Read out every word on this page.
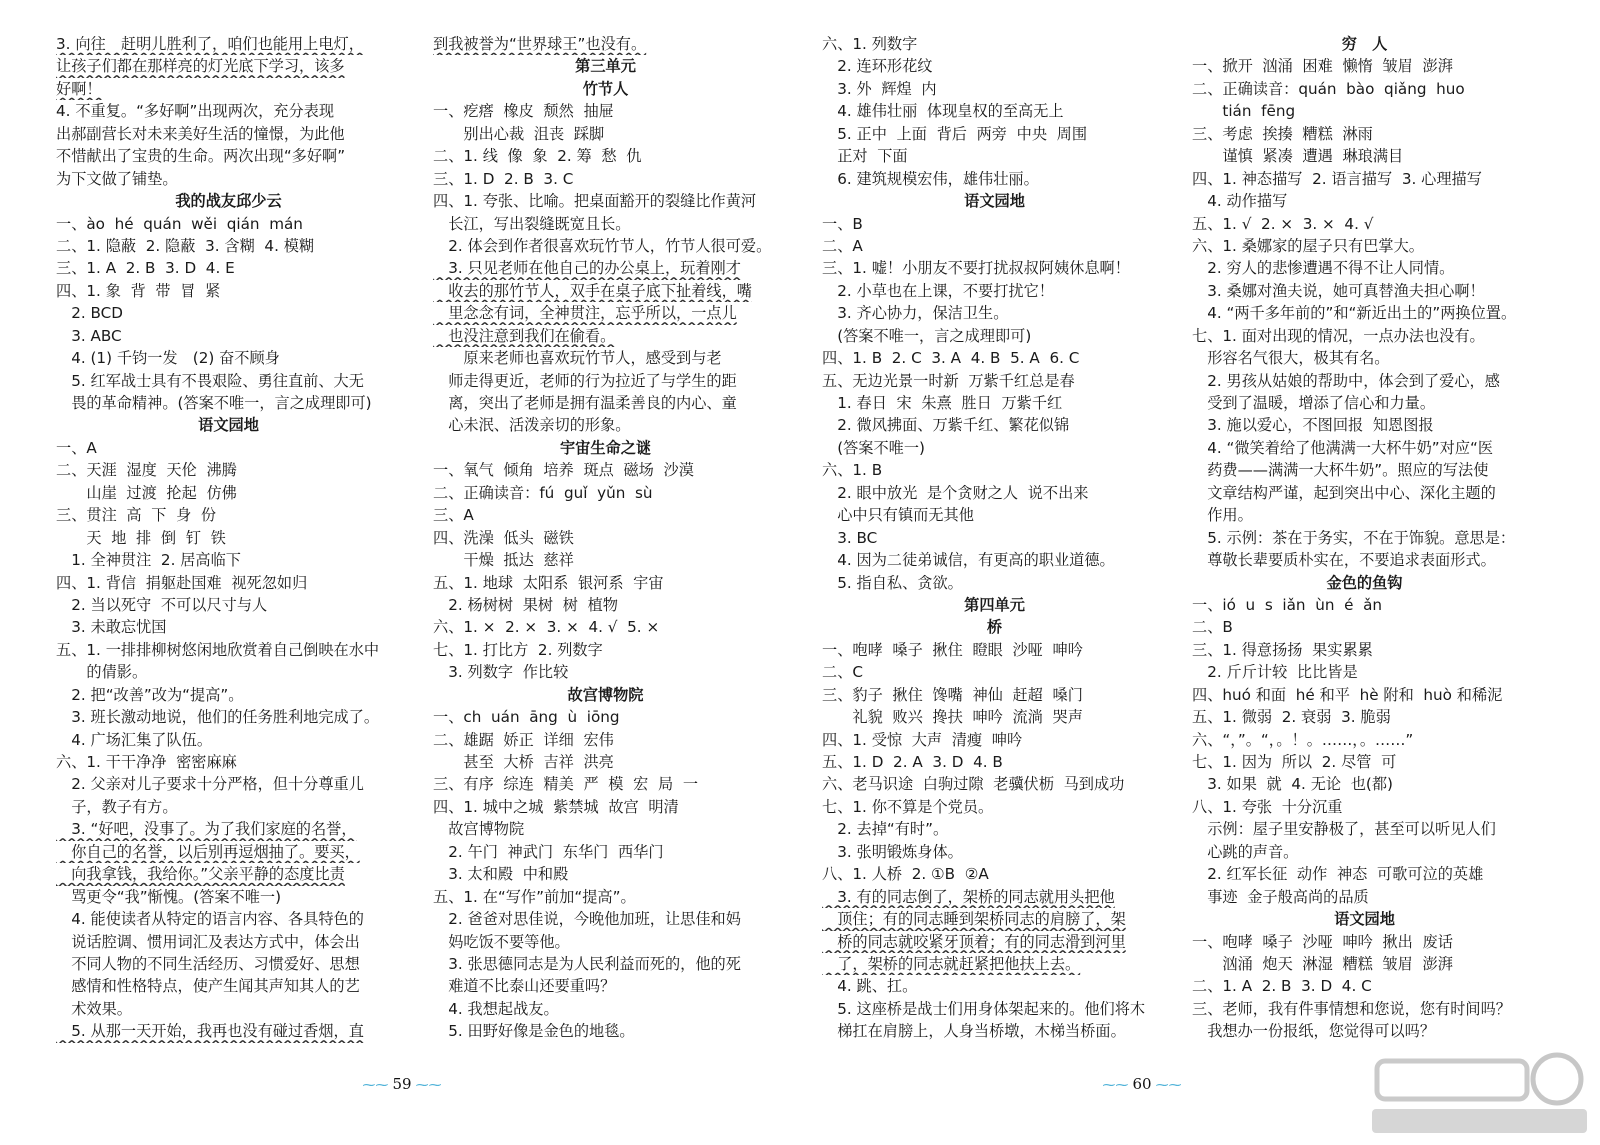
3. 向往　赶明儿胜利了，咱们也能用上电灯，
让孩子们都在那样亮的灯光底下学习，该多
好啊！
4. 不重复。“多好啊”出现两次，充分表现
出郝副营长对未来美好生活的憧憬，为此他
不惜献出了宝贵的生命。两次出现“多好啊”
为下文做了铺垫。
我的战友邱少云
一、ào  hé  quán  wěi  qián  mán
二、1. 隐蔽  2. 隐蔽  3. 含糊  4. 模糊
三、1. A  2. B  3. D  4. E
四、1. 象  背  带  冒  紧
　2. BCD
　3. ABC
　4. (1) 千钧一发　(2) 奋不顾身
　5. 红军战士具有不畏艰险、勇往直前、大无
　畏的革命精神。(答案不唯一，言之成理即可)
语文园地
一、A
二、天涯  湿度  天伦  沸腾
　　山崖  过渡  抡起  仿佛
三、贯注  高  下  身  份
　　天  地  排  倒  钉  铁
　1. 全神贯注  2. 居高临下
四、1. 背信  捐躯赴国难  视死忽如归
　2. 当以死守  不可以尺寸与人
　3. 未敢忘忧国
五、1. 一排排柳树悠闲地欣赏着自己倒映在水中
　　的倩影。
　2. 把“改善”改为“提高”。
　3. 班长激动地说，他们的任务胜利地完成了。
　4. 广场汇集了队伍。
六、1. 干干净净  密密麻麻
　2. 父亲对儿子要求十分严格，但十分尊重儿
　子，教子有方。
　3. “好吧，没事了。为了我们家庭的名誉，
　你自己的名誉，以后别再逗烟抽了。要买，
　向我拿钱，我给你。”父亲平静的态度比责
　骂更令“我”惭愧。(答案不唯一)
　4. 能使读者从特定的语言内容、各具特色的
　说话腔调、惯用词汇及表达方式中，体会出
　不同人物的不同生活经历、习惯爱好、思想
　感情和性格特点，使产生闻其声知其人的艺
　术效果。
　5. 从那一天开始，我再也没有碰过香烟，直
到我被誉为“世界球王”也没有。
第三单元
竹节人
一、疙瘩  橡皮  颓然  抽屉
　　别出心裁  沮丧  踩脚
二、1. 线  像  象  2. 筹  愁  仇
三、1. D  2. B  3. C
四、1. 夸张、比喻。把桌面豁开的裂缝比作黄河
　长江，写出裂缝既宽且长。
　2. 体会到作者很喜欢玩竹节人，竹节人很可爱。
　3. 只见老师在他自己的办公桌上，玩着刚才
　收去的那竹节人，双手在桌子底下扯着线，嘴
　里念念有词，全神贯注，忘乎所以，一点儿
　也没注意到我们在偷看。
　　原来老师也喜欢玩竹节人，感受到与老
　师走得更近，老师的行为拉近了与学生的距
　离，突出了老师是拥有温柔善良的内心、童
　心未泯、活泼亲切的形象。
宇宙生命之谜
一、氧气  倾角  培养  斑点  磁场  沙漠
二、正确读音：fú  guǐ  yǔn  sù
三、A
四、洗澡  低头  磁铁
　　干燥  抵达  慈祥
五、1. 地球  太阳系  银河系  宇宙
　2. 杨树树  果树  树  植物
六、1. ×  2. ×  3. ×  4. √  5. ×
七、1. 打比方  2. 列数字
　3. 列数字  作比较
故宫博物院
一、ch  uán  āng  ù  iōng
二、雄踞  娇正  详细  宏伟
　　甚至  大桥  吉祥  洪亮
三、有序  综连  精美  严  模  宏  局  一
四、1. 城中之城  紫禁城  故宫  明清
　故宫博物院
　2. 午门  神武门  东华门  西华门
　3. 太和殿  中和殿
五、1. 在“写作”前加“提高”。
　2. 爸爸对思佳说，今晚他加班，让思佳和妈
　妈吃饭不要等他。
　3. 张思德同志是为人民利益而死的，他的死
　难道不比泰山还要重吗？
　4. 我想起战友。
　5. 田野好像是金色的地毯。
⁓⁓ 59 ⁓⁓
六、1. 列数字
　2. 连环形花纹
　3. 外  辉煌  内
　4. 雄伟壮丽  体现皇权的至高无上
　5. 正中  上面  背后  两旁  中央  周围
　正对  下面
　6. 建筑规模宏伟，雄伟壮丽。
语文园地
一、B
二、A
三、1. 嘘！小朋友不要打扰叔叔阿姨休息啊！
　2. 小草也在上课，不要打扰它！
　3. 齐心协力，保洁卫生。
　(答案不唯一，言之成理即可)
四、1. B  2. C  3. A  4. B  5. A  6. C
五、无边光景一时新  万紫千红总是春
　1. 春日  宋  朱熹  胜日  万紫千红
　2. 微风拂面、万紫千红、繁花似锦
　(答案不唯一)
六、1. B
　2. 眼中放光  是个贪财之人  说不出来
　心中只有镇而无其他
　3. BC
　4. 因为二徒弟诚信，有更高的职业道德。
　5. 指自私、贪欲。
第四单元
桥
一、咆哮  嗓子  揪住  瞪眼  沙哑  呻吟
二、C
三、豹子  揪住  馋嘴  神仙  赶超  嗓门
　　礼貌  败兴  搀扶  呻吟  流淌  哭声
四、1. 受惊  大声  清瘦  呻吟
五、1. D  2. A  3. D  4. B
六、老马识途  白驹过隙  老骥伏枥  马到成功
七、1. 你不算是个党员。
　2. 去掉“有时”。
　3. 张明锻炼身体。
八、1. 人桥  2. ①B  ②A
　3. 有的同志倒了，架桥的同志就用头把他
　顶住；有的同志睡到架桥同志的肩膀了，架
　桥的同志就咬紧牙顶着；有的同志滑到河里
　了，架桥的同志就赶紧把他扶上去。
　4. 跳、扛。
　5. 这座桥是战士们用身体架起来的。他们将木
　梯扛在肩膀上，人身当桥墩，木梯当桥面。
穷　人
一、掀开  汹涌  困难  懒惰  皱眉  澎湃
二、正确读音：quán  bào  qiǎng  huo
　　tián  fēng
三、考虑  挨揍  糟糕  淋雨
　　谨慎  紧凑  遭遇  琳琅满目
四、1. 神态描写  2. 语言描写  3. 心理描写
　4. 动作描写
五、1. √  2. ×  3. ×  4. √
六、1. 桑娜家的屋子只有巴掌大。
　2. 穷人的悲惨遭遇不得不让人同情。
　3. 桑娜对渔夫说，她可真替渔夫担心啊！
　4. “两千多年前的”和“新近出土的”两换位置。
七、1. 面对出现的情况，一点办法也没有。
　形容名气很大，极其有名。
　2. 男孩从姑娘的帮助中，体会到了爱心，感
　受到了温暖，增添了信心和力量。
　3. 施以爱心，不图回报  知恩图报
　4. “微笑着给了他满满一大杯牛奶”对应“医
　药费——满满一大杯牛奶”。照应的写法使
　文章结构严谨，起到突出中心、深化主题的
　作用。
　5. 示例：茶在于务实，不在于饰貌。意思是：
　尊敬长辈要质朴实在，不要追求表面形式。
金色的鱼钩
一、ió  u  s  iǎn  ùn  é  ǎn
二、B
三、1. 得意扬扬  果实累累
　2. 斤斤计较  比比皆是
四、huó 和面  hé 和平  hè 附和  huò 和稀泥
五、1. 微弱  2. 衰弱  3. 脆弱
六、“，”。“，。！。……，。……”
七、1. 因为  所以  2. 尽管  可
　3. 如果  就  4. 无论  也(都)
八、1. 夸张  十分沉重
　示例：屋子里安静极了，甚至可以听见人们
　心跳的声音。
　2. 红军长征  动作  神态  可歌可泣的英雄
　事迹  金子般高尚的品质
语文园地
一、咆哮  嗓子  沙哑  呻吟  揪出  废话
　　汹涌  炮天  淋湿  糟糕  皱眉  澎湃
二、1. A  2. B  3. D  4. C
三、老师，我有件事情想和您说，您有时间吗？
　我想办一份报纸，您觉得可以吗？
⁓⁓ 60 ⁓⁓
